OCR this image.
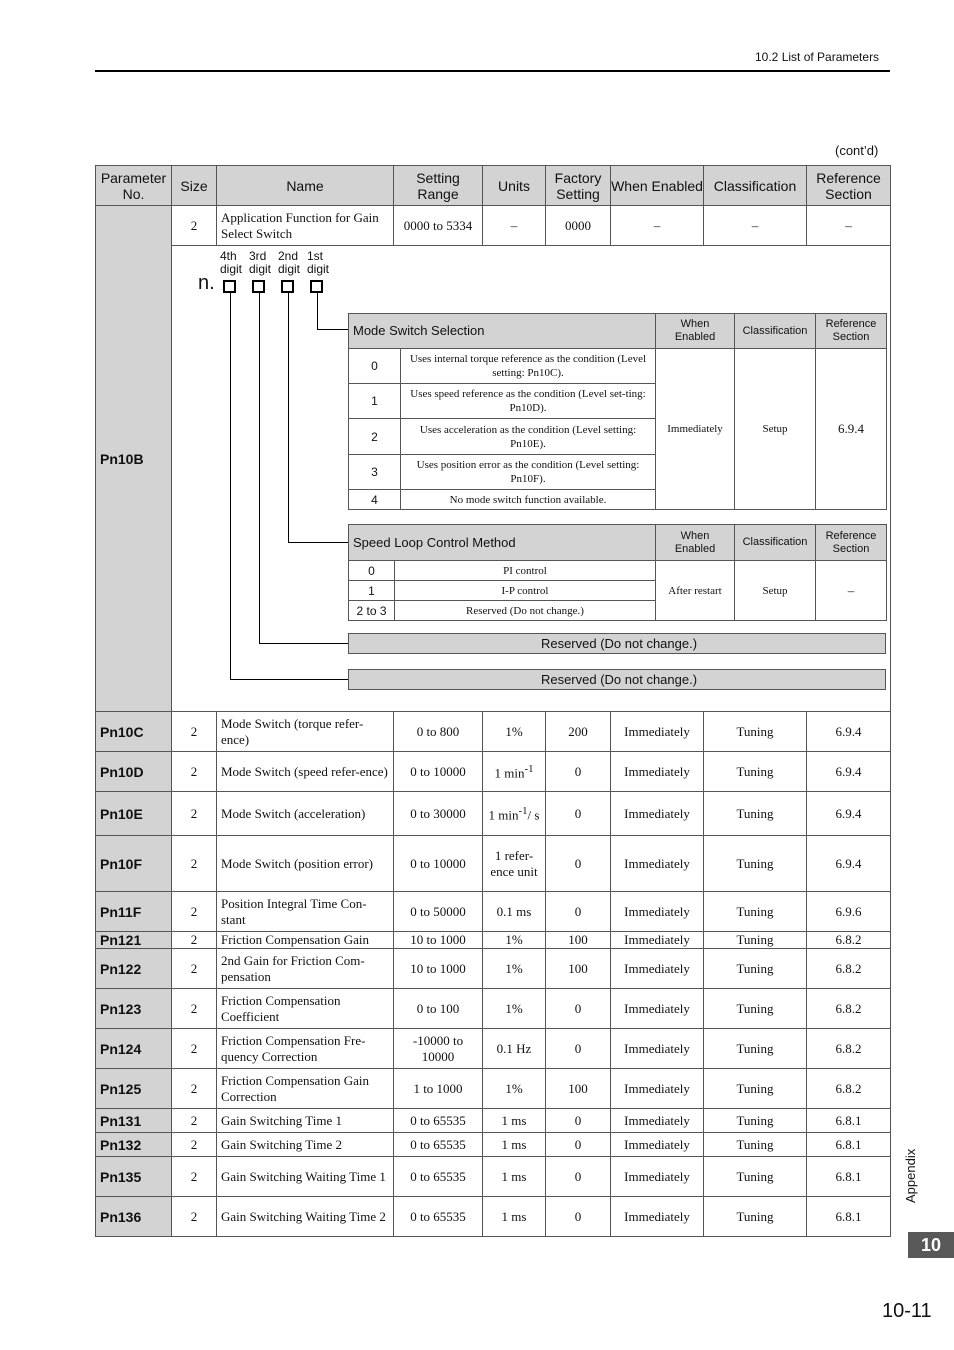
10.2 List of Parameters
(cont’d)
Parameter No.	Size	Name	Setting Range	Units	Factory Setting	When Enabled	Classification	Reference Section
Pn10B	2	Application Function for Gain Select Switch	0000 to 5334	–	0000	–	–	–

4th digit
3rd digit
2nd digit
1st digit
n.
Mode Switch Selection	When Enabled	Classification	Reference Section
0	Uses internal torque reference as the condition (Level setting: Pn10C).	Immediately	Setup	6.9.4
1	Uses speed reference as the condition (Level set-ting: Pn10D).
2	Uses acceleration as the condition (Level setting: Pn10E).
3	Uses position error as the condition (Level setting: Pn10F).
4	No mode switch function available.
Speed Loop Control Method	When Enabled	Classification	Reference Section
0	PI control	After restart	Setup	–
1	I-P control
2 to 3	Reserved (Do not change.)
Reserved (Do not change.)
Reserved (Do not change.)

Pn10C	2	Mode Switch (torque refer-ence)	0 to 800	1%	200	Immediately	Tuning	6.9.4
Pn10D	2	Mode Switch (speed refer-ence)	0 to 10000	1 $\min^{-1}$	0	Immediately	Tuning	6.9.4
Pn10E	2	Mode Switch (acceleration)	0 to 30000	1 $\min^{-1}/$ s	0	Immediately	Tuning	6.9.4
Pn10F	2	Mode Switch (position error)	0 to 10000	1 refer-ence unit	0	Immediately	Tuning	6.9.4
Pn11F	2	Position Integral Time Con-stant	0 to 50000	0.1 ms	0	Immediately	Tuning	6.9.6
Pn121	2	Friction Compensation Gain	10 to 1000	1%	100	Immediately	Tuning	6.8.2
Pn122	2	2nd Gain for Friction Com-pensation	10 to 1000	1%	100	Immediately	Tuning	6.8.2
Pn123	2	Friction Compensation Coefficient	0 to 100	1%	0	Immediately	Tuning	6.8.2
Pn124	2	Friction Compensation Fre-quency Correction	-10000 to 10000	0.1 Hz	0	Immediately	Tuning	6.8.2
Pn125	2	Friction Compensation Gain Correction	1 to 1000	1%	100	Immediately	Tuning	6.8.2
Pn131	2	Gain Switching Time 1	0 to 65535	1 ms	0	Immediately	Tuning	6.8.1
Pn132	2	Gain Switching Time 2	0 to 65535	1 ms	0	Immediately	Tuning	6.8.1
Pn135	2	Gain Switching Waiting Time 1	0 to 65535	1 ms	0	Immediately	Tuning	6.8.1
Pn136	2	Gain Switching Waiting Time 2	0 to 65535	1 ms	0	Immediately	Tuning	6.8.1
Appendix
10
10-11
